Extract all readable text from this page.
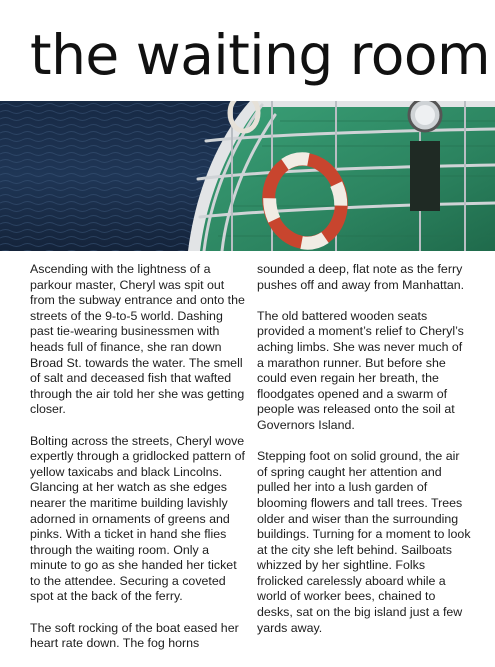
the waiting room

Ascending with the lightness of a parkour master, Cheryl was spit out from the subway entrance and onto the streets of the 9-to-5 world. Dashing past tie-wearing businessmen with heads full of finance, she ran down Broad St. towards the water. The smell of salt and deceased fish that wafted through the air told her she was getting closer.

Bolting across the streets, Cheryl wove expertly through a gridlocked pattern of yellow taxicabs and black Lincolns. Glancing at her watch as she edges nearer the maritime building lavishly adorned in ornaments of greens and pinks. With a ticket in hand she flies through the waiting room. Only a minute to go as she handed her ticket to the attendee. Securing a coveted spot at the back of the ferry.

The soft rocking of the boat eased her heart rate down. The fog horns

sounded a deep, flat note as the ferry pushes off and away from Manhattan.

The old battered wooden seats provided a moment’s relief to Cheryl’s aching limbs. She was never much of a marathon runner. But before she could even regain her breath, the floodgates opened and a swarm of people was released onto the soil at Governors Island.

Stepping foot on solid ground, the air of spring caught her attention and pulled her into a lush garden of blooming flowers and tall trees. Trees older and wiser than the surrounding buildings. Turning for a moment to look at the city she left behind. Sailboats whizzed by her sightline. Folks frolicked carelessly aboard while a world of worker bees, chained to desks, sat on the big island just a few yards away.
